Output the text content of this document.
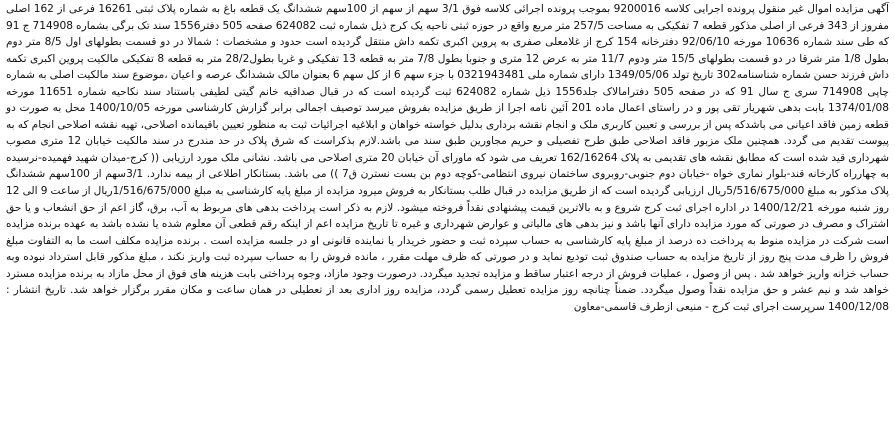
آگهی مزایده اموال غیر منقول پرونده اجرایی کلاسه 9200016 بموجب پرونده اجرائی کلاسه فوق 3/1 سهم از سهم از 100سهم ششدانگ یک قطعه باغ به شماره پلاک ثبتی 16261 فرعی از 162 اصلی مفروز از 343 فرعی از اصلی مذکور قطعه 7 تفکیکی به مساحت 257/5 متر مربع واقع در حوزه ثبتی ناحیه یک کرج ذیل شماره ثبت 624082 صفحه 505 دفتر1556 سند تک برگی بشماره 714908 ج 91 که طی سند شماره 10636 مورخه 92/06/10 دفترخانه 154 کرج از غلامعلی صفری به پروین اکبری تکمه داش منتقل گردیده است حدود و مشخصات : شمالا در دو قسمت بطولهای اول 8/5 متر دوم بطول 1/8 متر شرقا در دو قسمت بطولهای 15/5 متر ودوم 11/7 متر به عرض 12 متری و جنوبا بطول 7/8 متر به قطعه 13 تفکیکی و غربا بطول28/2 متر به قطعه 8 تفکیکی مالکیت پروین اکبری تکمه داش فرزند حسن شماره شناسنامه302 تاریخ تولد 1349/05/06 دارای شماره ملی 0321943481 با جزء سهم 6 از کل سهم 6 بعنوان مالک ششدانگ عرصه و اعیان ،موضوع سند مالکیت اصلی به شماره چاپی 714908 سری ج سال 91 که در صفحه 505 دفترامالاک جلد1556 ذیل شماره 624082 ثبت گردیده است که در قبال صداقیه خانم گیتی لطیفی باستناد سند نکاحیه شماره 11651 مورخه 1374/01/08 بابت بدهی شهریار تقی پور و در راستای اعمال ماده 201 آئین نامه اجرا از طریق مزایده بفروش میرسد توصیف اجمالی برابر گزارش کارشناسی مورخه 1400/10/05 محل به صورت دو قطعه زمین فاقد اعیانی می باشدکه پس از بررسی و تعیین کاربری ملک و انجام نقشه برداری بدلیل خواسته خواهان و ابلاغیه اجرائیات ثبت به منظور تعیین باقیمانده اصلاحی، تهیه نقشه اصلاحی انجام که به پیوست تقدیم می گردد. همچنین ملک مزبور فاقد اصلاحی طبق طرح تفصیلی و حریم مجاورین طبق سند می باشد.لازم بذکراست که شرق پلاک در حد مندرج در سند مالکیت خیابان 12 متری مصوب شهرداری قید شده است که مطابق نقشه های تقدیمی به پلاک 162/16264 تعریف می شود که ماورای آن خیابان 20 متری اصلاحی می باشد. نشانی ملک مورد ارزیابی (( کرج-میدان شهید فهمیده-نرسیده به چهارراه کارخانه قند-بلوار نماری خواه -خیابان دوم جنوبی-روبروی ساختمان نیروی انتظامی-کوچه دوم بن بست نسترن ق7 )) می باشد. بستانکار اطلاعی از بیمه ندارد. 3/1سهم از 100سهم ششدانگ پلاک مذکور به مبلغ 5/516/675/000ریال ارزیابی گردیده است که از طریق مزایده در قبال طلب بستانکار به فروش میرود مزایده از مبلغ پایه کارشناسی به مبلغ 1/516/675/000ریال از ساعت 9 الی 12 روز شنبه مورخه 1400/12/21 در اداره اجرای ثبت کرج شروع و به بالاترین قیمت پیشنهادی نقداً فروخته میشود. لازم به ذکر است پرداخت بدهی های مربوط به آب، برق، گاز اعم از حق انشعاب و یا حق اشتراک و مصرف در صورتی که مورد مزایده دارای آنها باشد و نیز بدهی های مالیاتی و عوارض شهرداری و غیره تا تاریخ مزایده اعم از اینکه رقم قطعی آن معلوم شده یا نشده باشد به عهده برنده مزایده است شرکت در مزایده منوط به پرداخت ده درصد از مبلغ پایه کارشناسی به حساب سپرده ثبت و حضور خریدار یا نماینده قانونی او در جلسه مزایده است . برنده مزایده مکلف است ما به التفاوت مبلغ فروش را ظرف مدت پنج روز از تاریخ مزایده به حساب صندوق ثبت تودیع نماید و در صورتی که ظرف مهلت مقرر ، مانده فروش را به حساب سپرده ثبت واریز نکند ، مبلغ مذکور قابل استرداد نبوده وبه حساب خزانه واریز خواهد شد . پس از وصول ، عملیات فروش از درجه اعتبار ساقط و مزایده تجدید میگردد. درصورت وجود مازاد، وجوه پرداختی بابت هزینه های فوق از محل مازاد به برنده مزایده مسترد خواهد شد و نیم عشر و حق مزایده نقداً وصول میگردد. ضمناً چنانچه روز مزایده تعطیل رسمی گردد، مزایده روز اداری بعد از تعطیلی در همان ساعت و مکان مقرر برگزار خواهد شد. تاریخ انتشار : 1400/12/08 سرپرست اجرای ثبت کرج - منیعی ازطرف قاسمی-معاون
